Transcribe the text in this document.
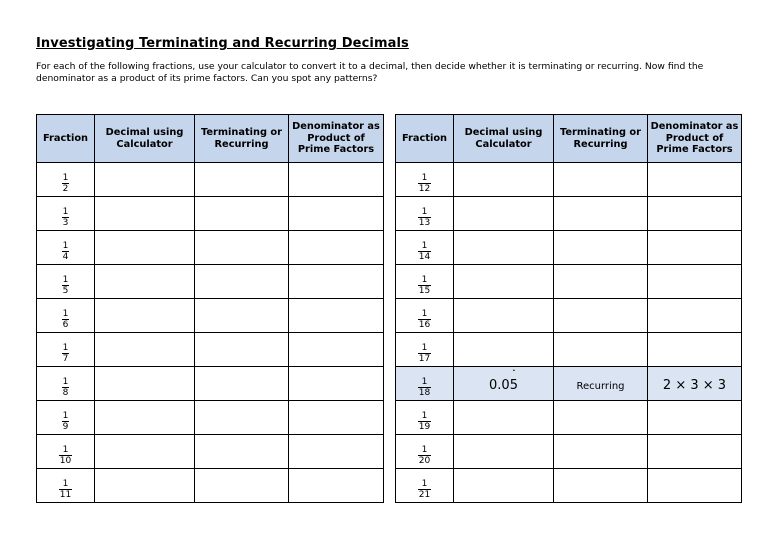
Investigating Terminating and Recurring Decimals
For each of the following fractions, use your calculator to convert it to a decimal, then decide whether it is terminating or recurring. Now find the denominator as a product of its prime factors. Can you spot any patterns?
Fraction	Decimal using Calculator	Terminating or Recurring	Denominator as Product of Prime Factors

$\frac{1}{2}$

$\frac{1}{3}$

$\frac{1}{4}$

$\frac{1}{5}$

$\frac{1}{6}$

$\frac{1}{7}$

$\frac{1}{8}$

$\frac{1}{9}$

$\frac{1}{10}$

$\frac{1}{11}$

Fraction	Decimal using Calculator	Terminating or Recurring	Denominator as Product of Prime Factors

$\frac{1}{12}$

$\frac{1}{13}$

$\frac{1}{14}$

$\frac{1}{15}$

$\frac{1}{16}$

$\frac{1}{17}$

$\frac{1}{18}$	0.05 ˙	Recurring	2 × 3 × 3

$\frac{1}{19}$

$\frac{1}{20}$

$\frac{1}{21}$
